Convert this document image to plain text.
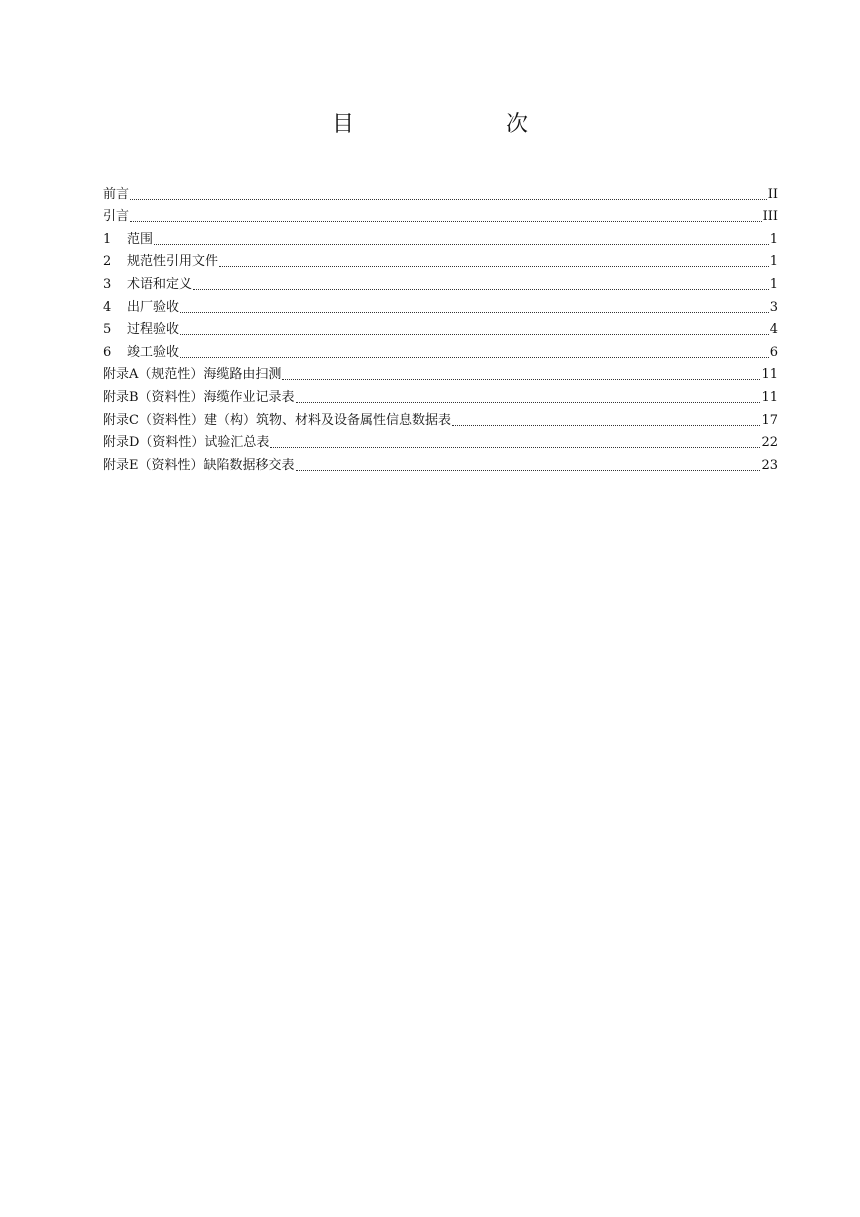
目　　次
前言	II
引言	III
1	范围	1
2	规范性引用文件	1
3	术语和定义	1
4	出厂验收	3
5	过程验收	4
6	竣工验收	6
附录A（规范性）海缆路由扫测	11
附录B（资料性）海缆作业记录表	11
附录C（资料性）建（构）筑物、材料及设备属性信息数据表	17
附录D（资料性）试验汇总表	22
附录E（资料性）缺陷数据移交表	23
